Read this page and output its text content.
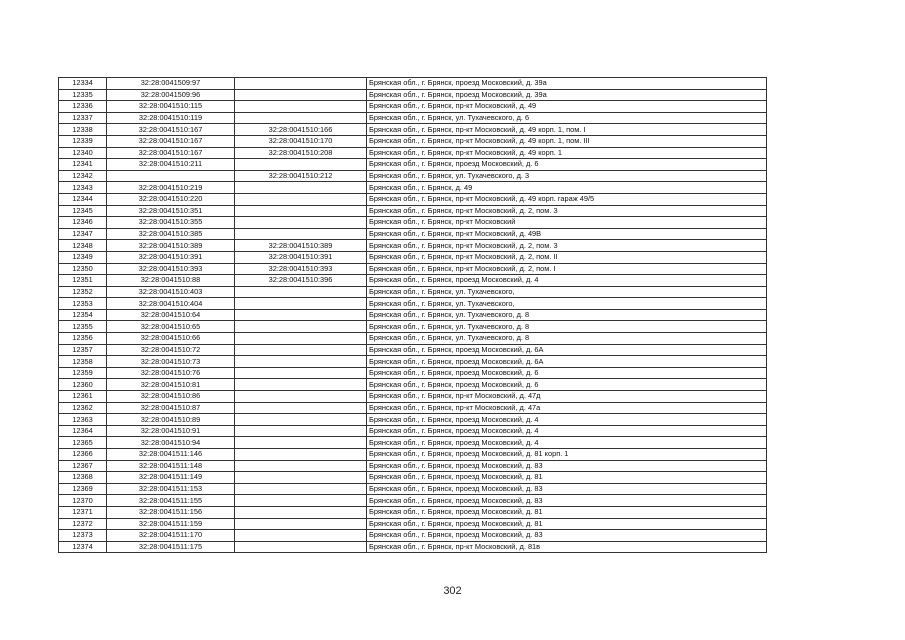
12334	32:28:0041509:97		Брянская обл., г. Брянск, проезд Московский, д. 39а
12335	32:28:0041509:96		Брянская обл., г. Брянск, проезд Московский, д. 39а
12336	32:28:0041510:115		Брянская обл., г. Брянск, пр-кт Московский, д. 49
12337	32:28:0041510:119		Брянская обл., г. Брянск, ул. Тухачевского, д. 6
12338	32:28:0041510:167	32:28:0041510:166	Брянская обл., г. Брянск, пр-кт Московский, д. 49 корп. 1, пом. I
12339	32:28:0041510:167	32:28:0041510:170	Брянская обл., г. Брянск, пр-кт Московский, д. 49 корп. 1, пом. III
12340	32:28:0041510:167	32:28:0041510:208	Брянская обл., г. Брянск, пр-кт Московский, д. 49 корп. 1
12341	32:28:0041510:211		Брянская обл., г. Брянск, проезд Московский, д. 6
12342		32:28:0041510:212	Брянская обл., г. Брянск, ул. Тухачевского, д. 3
12343	32:28:0041510:219		Брянская обл., г. Брянск, д. 49
12344	32:28:0041510:220		Брянская обл., г. Брянск, пр-кт Московский, д. 49 корп. гараж 49/5
12345	32:28:0041510:351		Брянская обл., г. Брянск, пр-кт Московский, д. 2, пом. 3
12346	32:28:0041510:355		Брянская обл., г. Брянск, пр-кт Московский
12347	32:28:0041510:385		Брянская обл., г. Брянск, пр-кт Московский, д. 49В
12348	32:28:0041510:389	32:28:0041510:389	Брянская обл., г. Брянск, пр-кт Московский, д. 2, пом. 3
12349	32:28:0041510:391	32:28:0041510:391	Брянская обл., г. Брянск, пр-кт Московский, д. 2, пом. II
12350	32:28:0041510:393	32:28:0041510:393	Брянская обл., г. Брянск, пр-кт Московский, д. 2, пом. I
12351	32:28:0041510:88	32:28:0041510:396	Брянская обл., г. Брянск, проезд Московский, д. 4
12352	32:28:0041510:403		Брянская обл., г. Брянск, ул. Тухачевского,
12353	32:28:0041510:404		Брянская обл., г. Брянск, ул. Тухачевского,
12354	32:28:0041510:64		Брянская обл., г. Брянск, ул. Тухачевского, д. 8
12355	32:28:0041510:65		Брянская обл., г. Брянск, ул. Тухачевского, д. 8
12356	32:28:0041510:66		Брянская обл., г. Брянск, ул. Тухачевского, д. 8
12357	32:28:0041510:72		Брянская обл., г. Брянск, проезд Московский, д. 6А
12358	32:28:0041510:73		Брянская обл., г. Брянск, проезд Московский, д. 6А
12359	32:28:0041510:76		Брянская обл., г. Брянск, проезд Московский, д. 6
12360	32:28:0041510:81		Брянская обл., г. Брянск, проезд Московский, д. 6
12361	32:28:0041510:86		Брянская обл., г. Брянск, пр-кт Московский, д. 47д
12362	32:28:0041510:87		Брянская обл., г. Брянск, пр-кт Московский, д. 47а
12363	32:28:0041510:89		Брянская обл., г. Брянск, проезд Московский, д. 4
12364	32:28:0041510:91		Брянская обл., г. Брянск, проезд Московский, д. 4
12365	32:28:0041510:94		Брянская обл., г. Брянск, проезд Московский, д. 4
12366	32:28:0041511:146		Брянская обл., г. Брянск, проезд Московский, д. 81 корп. 1
12367	32:28:0041511:148		Брянская обл., г. Брянск, проезд Московский, д. 83
12368	32:28:0041511:149		Брянская обл., г. Брянск, проезд Московский, д. 81
12369	32:28:0041511:153		Брянская обл., г. Брянск, проезд Московский, д. 83
12370	32:28:0041511:155		Брянская обл., г. Брянск, проезд Московский, д. 83
12371	32:28:0041511:156		Брянская обл., г. Брянск, проезд Московский, д. 81
12372	32:28:0041511:159		Брянская обл., г. Брянск, проезд Московский, д. 81
12373	32:28:0041511:170		Брянская обл., г. Брянск, проезд Московский, д. 83
12374	32:28:0041511:175		Брянская обл., г. Брянск, пр-кт Московский, д. 81в
302
